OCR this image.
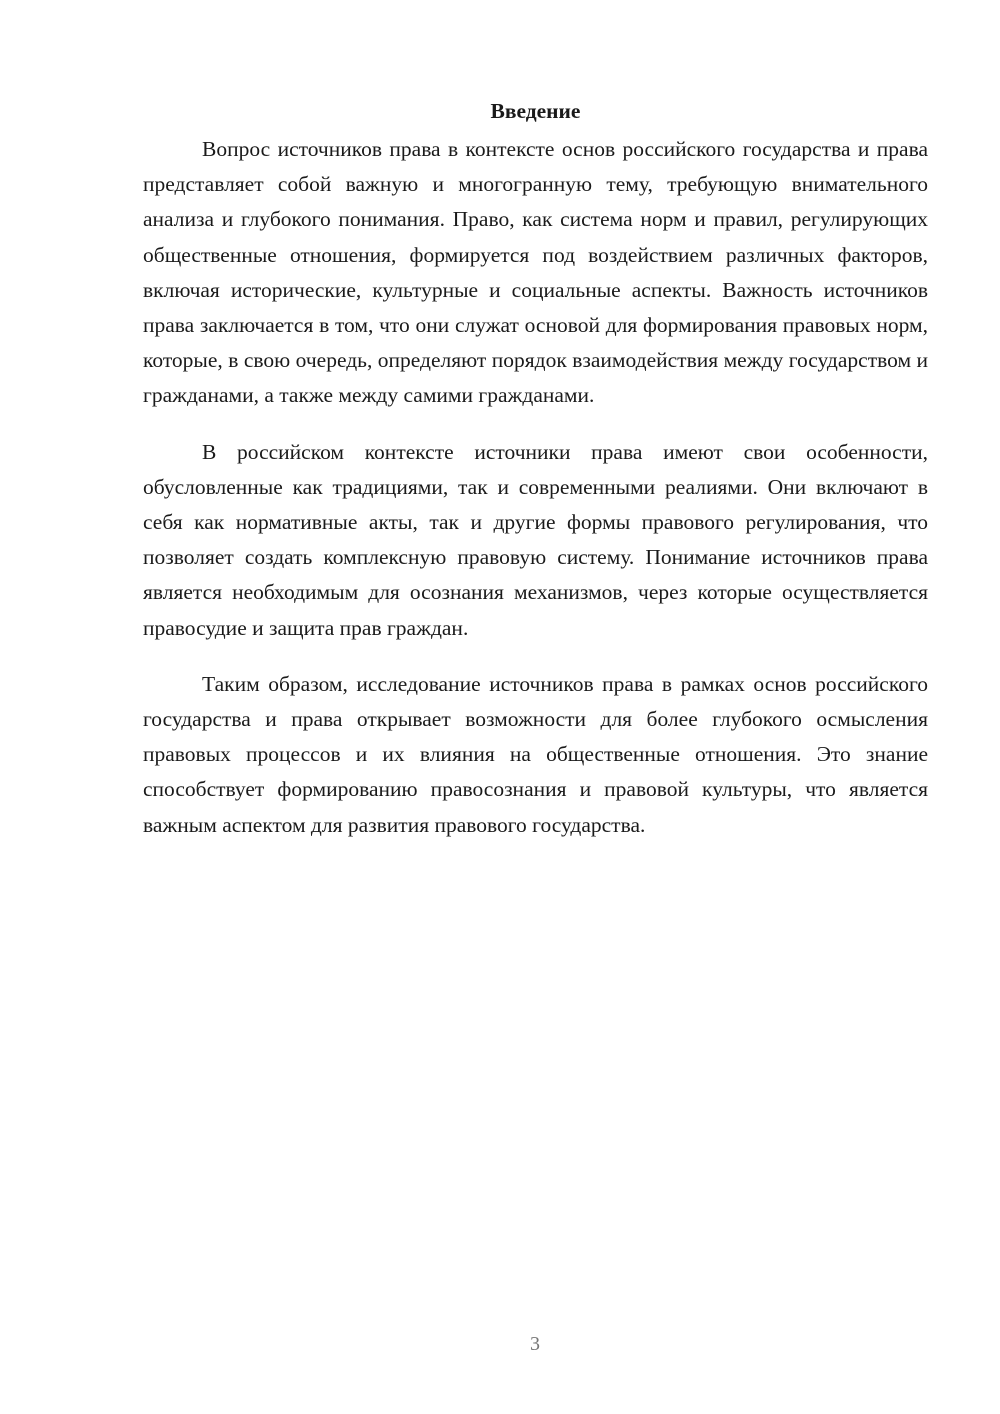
Введение

Вопрос источников права в контексте основ российского государства и права представляет собой важную и многогранную тему, требующую внимательного анализа и глубокого понимания. Право, как система норм и правил, регулирующих общественные отношения, формируется под воздействием различных факторов, включая исторические, культурные и социальные аспекты. Важность источников права заключается в том, что они служат основой для формирования правовых норм, которые, в свою очередь, определяют порядок взаимодействия между государством и гражданами, а также между самими гражданами.

В российском контексте источники права имеют свои особенности, обусловленные как традициями, так и современными реалиями. Они включают в себя как нормативные акты, так и другие формы правового регулирования, что позволяет создать комплексную правовую систему. Понимание источников права является необходимым для осознания механизмов, через которые осуществляется правосудие и защита прав граждан.

Таким образом, исследование источников права в рамках основ российского государства и права открывает возможности для более глубокого осмысления правовых процессов и их влияния на общественные отношения. Это знание способствует формированию правосознания и правовой культуры, что является важным аспектом для развития правового государства.

3
